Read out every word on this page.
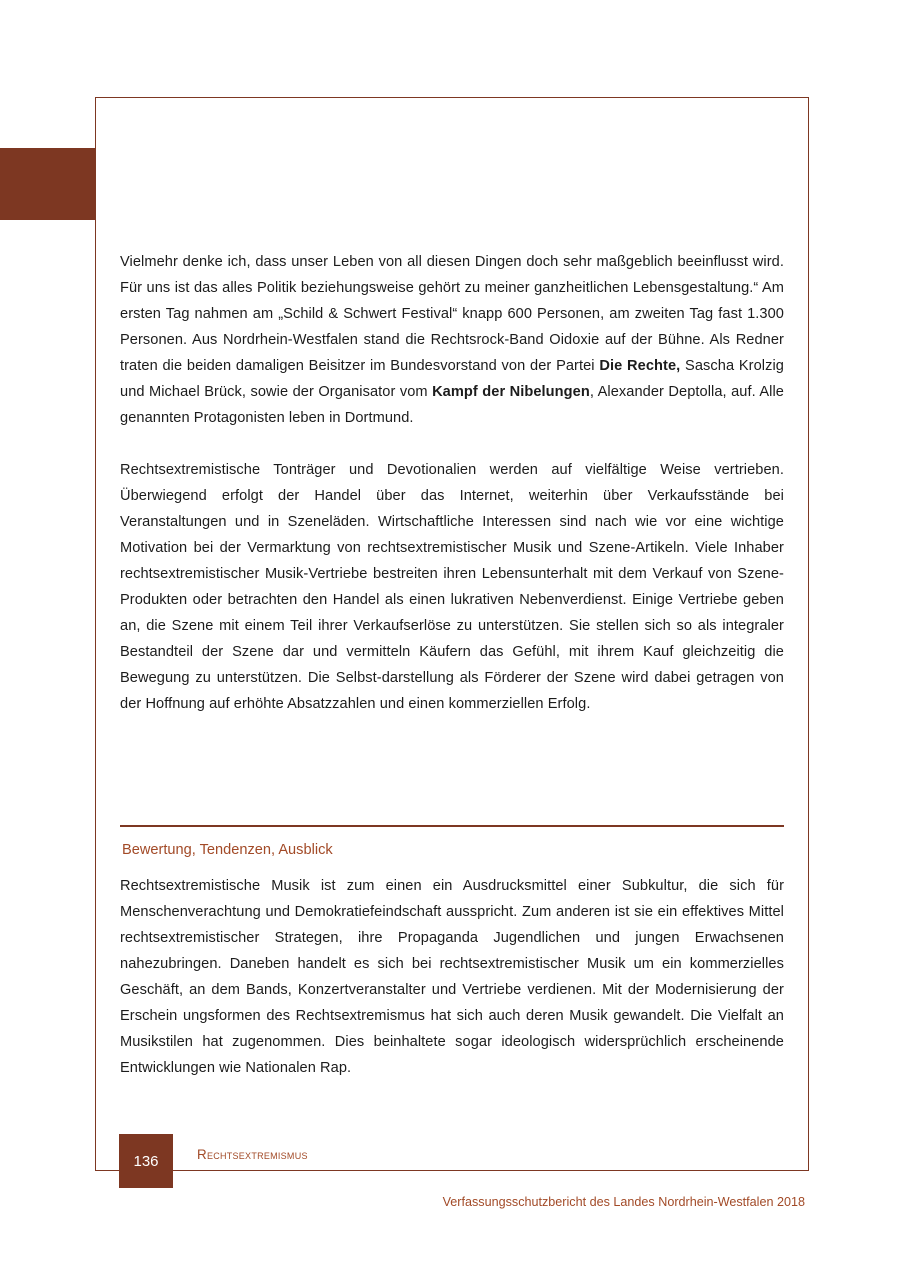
Vielmehr denke ich, dass unser Leben von all diesen Dingen doch sehr maßgeblich beeinflusst wird. Für uns ist das alles Politik beziehungsweise gehört zu meiner ganzheitlichen Lebensgestaltung.“ Am ersten Tag nahmen am „Schild & Schwert Festival“ knapp 600 Personen, am zweiten Tag fast 1.300 Personen. Aus Nordrhein-Westfalen stand die Rechtsrock-Band Oidoxie auf der Bühne. Als Redner traten die beiden damaligen Beisitzer im Bundesvorstand von der Partei Die Rechte, Sascha Krolzig und Michael Brück, sowie der Organisator vom Kampf der Nibelungen, Alexander Deptolla, auf. Alle genannten Protagonisten leben in Dortmund.

Rechtsextremistische Tonträger und Devotionalien werden auf vielfältige Weise vertrieben. Überwiegend erfolgt der Handel über das Internet, weiterhin über Verkaufsstände bei Veranstaltungen und in Szeneläden. Wirtschaftliche Interessen sind nach wie vor eine wichtige Motivation bei der Vermarktung von rechtsextremistischer Musik und Szene-Artikeln. Viele Inhaber rechtsextremistischer Musik-Vertriebe bestreiten ihren Lebensunterhalt mit dem Verkauf von Szene-Produkten oder betrachten den Handel als einen lukrativen Nebenverdienst. Einige Vertriebe geben an, die Szene mit einem Teil ihrer Verkaufserlöse zu unterstützen. Sie stellen sich so als integraler Bestandteil der Szene dar und vermitteln Käufern das Gefühl, mit ihrem Kauf gleichzeitig die Bewegung zu unterstützen. Die Selbst-darstellung als Förderer der Szene wird dabei getragen von der Hoffnung auf erhöhte Absatzzahlen und einen kommerziellen Erfolg.

Bewertung, Tendenzen, Ausblick

Rechtsextremistische Musik ist zum einen ein Ausdrucksmittel einer Subkultur, die sich für Menschenverachtung und Demokratiefeindschaft ausspricht. Zum anderen ist sie ein effektives Mittel rechtsextremistischer Strategen, ihre Propaganda Jugendlichen und jungen Erwachsenen nahezubringen. Daneben handelt es sich bei rechtsextremistischer Musik um ein kommerzielles Geschäft, an dem Bands, Konzertveranstalter und Vertriebe verdienen. Mit der Modernisierung der Erschein ungsformen des Rechtsextremismus hat sich auch deren Musik gewandelt. Die Vielfalt an Musikstilen hat zugenommen. Dies beinhaltete sogar ideologisch widersprüchlich erscheinende Entwicklungen wie Nationalen Rap.

136	Rechtsextremismus
Verfassungsschutzbericht des Landes Nordrhein-Westfalen 2018
